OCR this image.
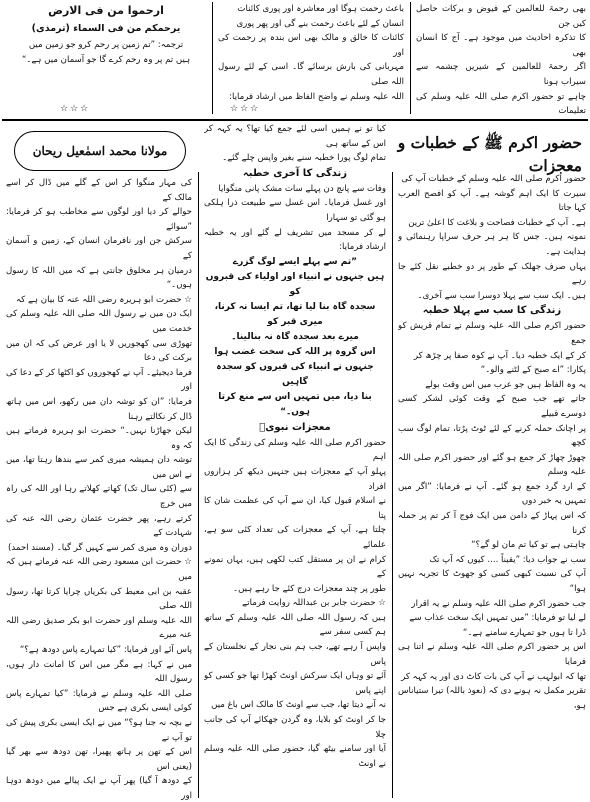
بھی رحمۃ للعالمین کے فیوض و برکات حاصل کیں جن

کا تذکرہ احادیث میں موجود ہے۔ آج کا انسان بھی

اگر رحمۃ للعالمین کے شیریں چشمہ سے سیراب ہونا

چاہے تو حضور اکرم صلی اللہ علیہ وسلم کی تعلیمات

باعث رحمت ہوگا اور معاشرہ اور پوری کائنات

انسان کے لئے باعث رحمت بنے گی اور پھر پوری

کائنات کا خالق و مالک بھی اس بندہ پر رحمت کی اور

مہربانی کی بارش برسائے گا۔ اسی کے لئے رسول اللہ صلی

اللہ علیہ وسلم نے واضح الفاظ میں ارشاد فرمایا:

ارحموا من فی الارض

یرحمکم من فی السماء (ترمذی)

ترجمہ: ”تم زمین پر رحم کرو جو زمین میں

ہیں تم پر وہ رحم کرے گا جو آسمان میں ہے۔“

☆☆☆
☆☆☆
حضور اکرم ﷺ کے خطبات و معجزات
مولانا محمد اسمٰعیل ریحان

حضور اکرم صلی اللہ علیہ وسلم کے خطبات آپ کی

سیرت کا ایک اہم گوشہ ہے۔ آپ کو افصح العرب کہا جاتا

ہے۔ آپ کے خطبات فصاحت و بلاغت کا اعلیٰ ترین

نمونہ ہیں۔ جس کا ہر ہر حرف سراپا رہنمائی و ہدایت ہے۔

یہاں صرف جھلک کے طور پر دو خطبے نقل کئے جا رہے

ہیں۔ ایک سب سے پہلا دوسرا سب سے آخری۔

زندگی کا سب سے پہلا خطبہ

حضور اکرم صلی اللہ علیہ وسلم نے تمام قریش کو جمع

کر کے ایک خطبہ دیا۔ آپ نے کوہ صفا پر چڑھ کر

پکارا: ”اے صبح کے لٹنے والو۔“

یہ وہ الفاظ ہیں جو عرب میں اس وقت بولے

جاتے تھے جب صبح کے وقت کوئی لشکر کسی دوسرے قبیلے

پر اچانک حملہ کرنے کے لئے ٹوٹ پڑتا، تمام لوگ سب کچھ

چھوڑ چھاڑ کر جمع ہو گئے اور حضور اکرم صلی اللہ علیہ وسلم

کے ارد گرد جمع ہو گئے۔ آپ نے فرمایا: ”اگر میں تمہیں یہ خبر دوں

کہ اس پہاڑ کے دامن میں ایک فوج آ کر تم پر حملہ کرنا

چاہتی ہے تو کیا تم مان لو گے؟“

سب نے جواب دیا: ”یقیناً .... کیوں کہ آپ تک

آپ کی نسبت کبھی کسی کو جھوٹ کا تجربہ نہیں ہوا“

جب حضور اکرم صلی اللہ علیہ وسلم نے یہ اقرار

لے لیا تو فرمایا: ”میں تمہیں ایک سخت عذاب سے

ڈرا تا ہوں جو تمہارے سامنے ہے۔“

اس پر حضور اکرم صلی اللہ علیہ وسلم نے اتنا ہی فرمایا

تھا کہ ابولہب نے آپ کی بات کاٹ دی اور یہ کہہ کر

تقریر مکمل نہ ہونے دی کہ (نعوذ باللہ) تیرا ستیاناس ہو،

کیا تو نے ہمیں اسی لئے جمع کیا تھا؟ یہ کہہ کر اس کے ساتھ ہی

تمام لوگ پورا خطبہ سنے بغیر واپس چلے گئے۔

زندگی کا آخری خطبہ

وفات سے پانچ دن پہلے سات مشک پانی منگوایا

اور غسل فرمایا۔ اس غسل سے طبیعت ذرا ہلکی ہو گئی تو سہارا

لے کر مسجد میں تشریف لے گئے اور یہ خطبہ ارشاد فرمایا:

”تم سے پہلے ایسے لوگ گزرے

ہیں جنہوں نے انبیاء اور اولیاء کی قبروں کو

سجدہ گاہ بنا لیا تھا، تم ایسا نہ کرنا، میری قبر کو

میرے بعد سجدہ گاہ نہ بنالینا۔

اس گروہ پر اللہ کی سخت غضب ہوا

جنہوں نے انبیاء کی قبروں کو سجدہ گاہیں

بنا دیا، میں تمہیں اس سے منع کرتا ہوں۔“

معجزات نبویؐ

حضور اکرم صلی اللہ علیہ وسلم کی زندگی کا ایک اہم

پہلو آپ کے معجزات ہیں جنہیں دیکھ کر ہزاروں افراد

نے اسلام قبول کیا، ان سے آپ کی عظمت شان کا پتا

چلتا ہے، آپ کے معجزات کی تعداد کئی سو ہے، علمائے

کرام نے ان پر مستقل کتب لکھی ہیں، یہاں نمونے کے

طور پر چند معجزات درج کئے جا رہے ہیں۔

☆ حضرت جابر بن عبداللہ روایت فرماتے

ہیں کہ رسول اللہ صلی اللہ علیہ وسلم کے ساتھ ہم کسی سفر سے

واپس آ رہے تھے، جب ہم بنی نجار کے نخلستان کے پاس

آئے تو وہاں ایک سرکش اونٹ کھڑا تھا جو کسی کو اپنے پاس

نہ آنے دیتا تھا، جب سے اونٹ کا مالک اس باغ میں

جا کر اونٹ کو بلایا، وہ گردن جھکائے آپ کی جانب چلا

آیا اور سامنے بیٹھ گیا، حضور صلی اللہ علیہ وسلم نے اونٹ

کی مہار منگوا کر اس کے گلے میں ڈال کر اسے مالک کے

حوالے کر دیا اور لوگوں سے مخاطب ہو کر فرمایا: ”سوائے

سرکش جن اور نافرمان انسان کے، زمین و آسمان کے

درمیان ہر مخلوق جانتی ہے کہ میں اللہ کا رسول ہوں۔“

☆ حضرت ابو ہریرہ رضی اللہ عنہ کا بیان ہے کہ

ایک دن میں نے رسول اللہ صلی اللہ علیہ وسلم کی خدمت میں

تھوڑی سی کھجوریں لا یا اور عرض کی کہ ان میں برکت کی دعا

فرما دیجیئے۔ آپ نے کھجوروں کو اکٹھا کر کے دعا کی اور

فرمایا: ”ان کو توشہ دان میں رکھو، اس میں ہاتھ ڈال کر نکالتے رہنا

لیکن جھاڑنا نہیں۔“ حضرت ابو ہریرہ فرماتے ہیں کہ وہ

توشہ دان ہمیشہ میری کمر سے بندھا رہتا تھا، میں نے اس میں

سے (کئی سال تک) کھاتے کھلاتے رہا اور اللہ کی راہ میں خرچ

کرتے رہے، پھر حضرت عثمان رضی اللہ عنہ کی شہادت کے

دوران وہ میری کمر سے کہیں گر گیا۔ (مسند احمد)

☆ حضرت ابن مسعود رضی اللہ عنہ فرماتے ہیں کہ میں

عقبہ بن ابی معیط کی بکریاں چرایا کرتا تھا، رسول اللہ صلی

اللہ علیہ وسلم اور حضرت ابو بکر صدیق رضی اللہ عنہ میرے

پاس آئے اور فرمایا: ”کیا تمہارے پاس دودھ ہے؟“

میں نے کہا: ہے مگر میں اس کا امانت دار ہوں، رسول اللہ

صلی اللہ علیہ وسلم نے فرمایا: ”کیا تمہارے پاس کوئی ایسی بکری ہے جس

نے بچہ نہ جنا ہو؟“ میں نے ایک ایسی بکری پیش کی تو آپ نے

اس کے تھن پر ہاتھ پھیرا، تھن دودھ سے بھر گیا (یعنی اس

کے دودھ آ گیا) پھر آپ نے ایک پیالے میں دودھ دوہا اور
